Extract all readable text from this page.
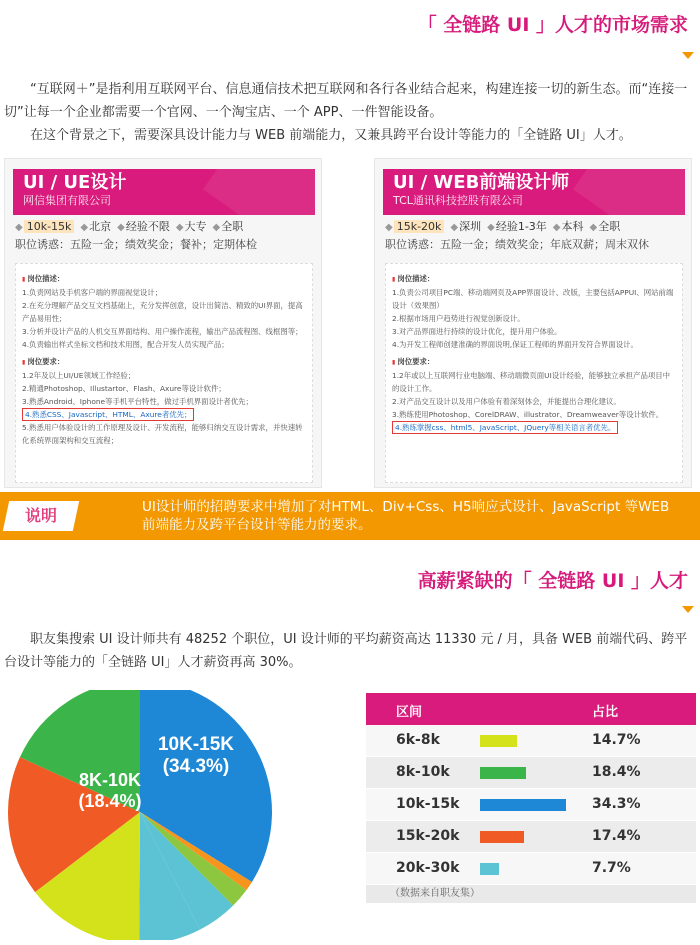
「 全链路 UI 」人才的市场需求

“互联网＋”是指利用互联网平台、信息通信技术把互联网和各行各业结合起来，构建连接一切的新生态。而“连接一切”让每一个企业都需要一个官网、一个淘宝店、一个 APP、一件智能设备。

在这个背景之下，需要深具设计能力与 WEB 前端能力，又兼具跨平台设计等能力的「全链路 UI」人才。

UI / UE设计
网信集团有限公司
◆ 10k-15k ◆北京 ◆经验不限 ◆大专 ◆全职
职位诱惑：五险一金；绩效奖金；餐补；定期体检
▮ 岗位描述：
1.负责网站及手机客户端的界面视觉设计；
2.在充分理解产品交互文档基础上，充分发挥创意，设计出简洁、精致的UI界面，提高产品易用性；
3.分析并设计产品的人机交互界面结构、用户操作流程，输出产品流程图、线框图等；
4.负责输出样式坐标文档和技术用图，配合开发人员实现产品；
▮ 岗位要求：
1.2年及以上UI/UE领域工作经验；
2.精通Photoshop、Illustartor、Flash、Axure等设计软件；
3.熟悉Android、Iphone等手机平台特性，做过手机界面设计者优先；
4.熟悉CSS、Javascript、HTML、Axure者优先；
5.熟悉用户体验设计的工作原理及设计、开发流程，能够归纳交互设计需求，并快速转化系统界面架构和交互流程；
UI / WEB前端设计师
TCL通讯科技控股有限公司
◆ 15k-20k ◆深圳 ◆经验1-3年 ◆本科 ◆全职
职位诱惑：五险一金；绩效奖金；年底双薪；周末双休
▮ 岗位描述：
1.负责公司项目PC端、移动端网页及APP界面设计、改版，主要包括APPUI、网站前端设计（效果图）
2.根据市场用户趋势进行视觉创新设计。
3.对产品界面进行持续的设计优化，提升用户体验。
4.为开发工程师创建准确的界面说明,保证工程师的界面开发符合界面设计。
▮ 岗位要求：
1.2年或以上互联网行业电脑端、移动端微页面UI设计经验，能够独立承担产品项目中的设计工作。
2.对产品交互设计以及用户体验有着深刻体会，并能提出合理化建议。
3.熟练使用Photoshop、CorelDRAW、illustrator、Dreamweaver等设计软件。
4.熟练掌握css、html5、JavaScript、JQuery等相关语言者优先。
说明	UI设计师的招聘要求中增加了对HTML、Div+Css、H5响应式设计、JavaScript 等WEB前端能力及跨平台设计等能力的要求。
高薪紧缺的「 全链路 UI 」人才

职友集搜索 UI 设计师共有 48252 个职位，UI 设计师的平均薪资高达 11330 元 / 月，具备 WEB 前端代码、跨平台设计等能力的「全链路 UI」人才薪资再高 30%。

10K-15K
(34.3%)
8K-10K
(18.4%)
区间	占比
6k-8k	14.7%
8k-10k	18.4%
10k-15k	34.3%
15k-20k	17.4%
20k-30k	7.7%
（数据来自职友集）
